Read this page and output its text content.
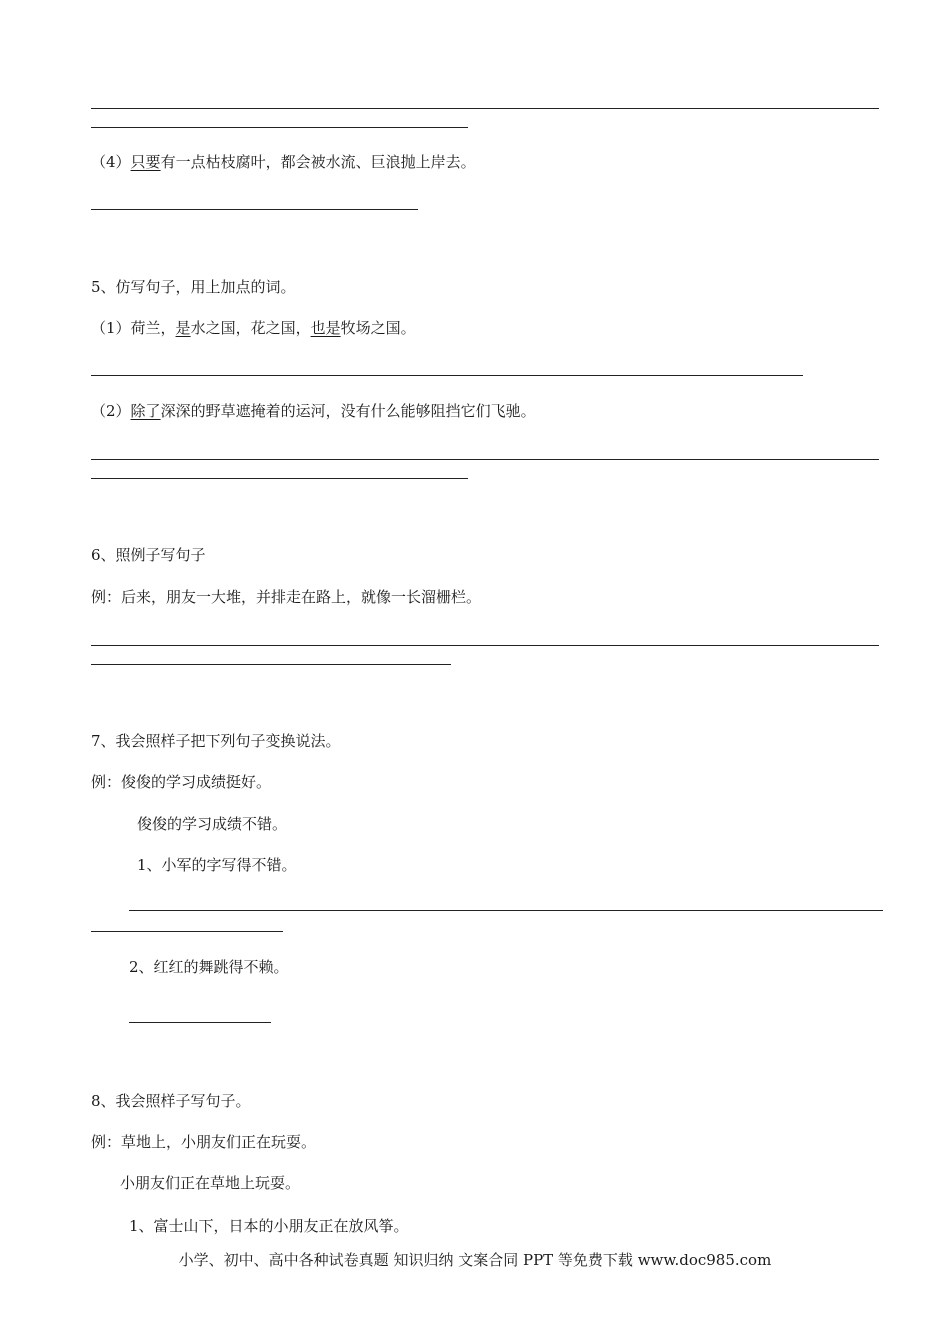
（4）只要有一点枯枝腐叶，都会被水流、巨浪抛上岸去。
5、仿写句子，用上加点的词。
（1）荷兰，是水之国，花之国，也是牧场之国。
（2）除了深深的野草遮掩着的运河，没有什么能够阻挡它们飞驰。
6、照例子写句子
例：后来，朋友一大堆，并排走在路上，就像一长溜栅栏。
7、我会照样子把下列句子变换说法。
例：俊俊的学习成绩挺好。
俊俊的学习成绩不错。
1、小军的字写得不错。
2、红红的舞跳得不赖。
8、我会照样子写句子。
例：草地上，小朋友们正在玩耍。
小朋友们正在草地上玩耍。
1、富士山下，日本的小朋友正在放风筝。
小学、初中、高中各种试卷真题 知识归纳 文案合同 PPT 等免费下载 www.doc985.com
